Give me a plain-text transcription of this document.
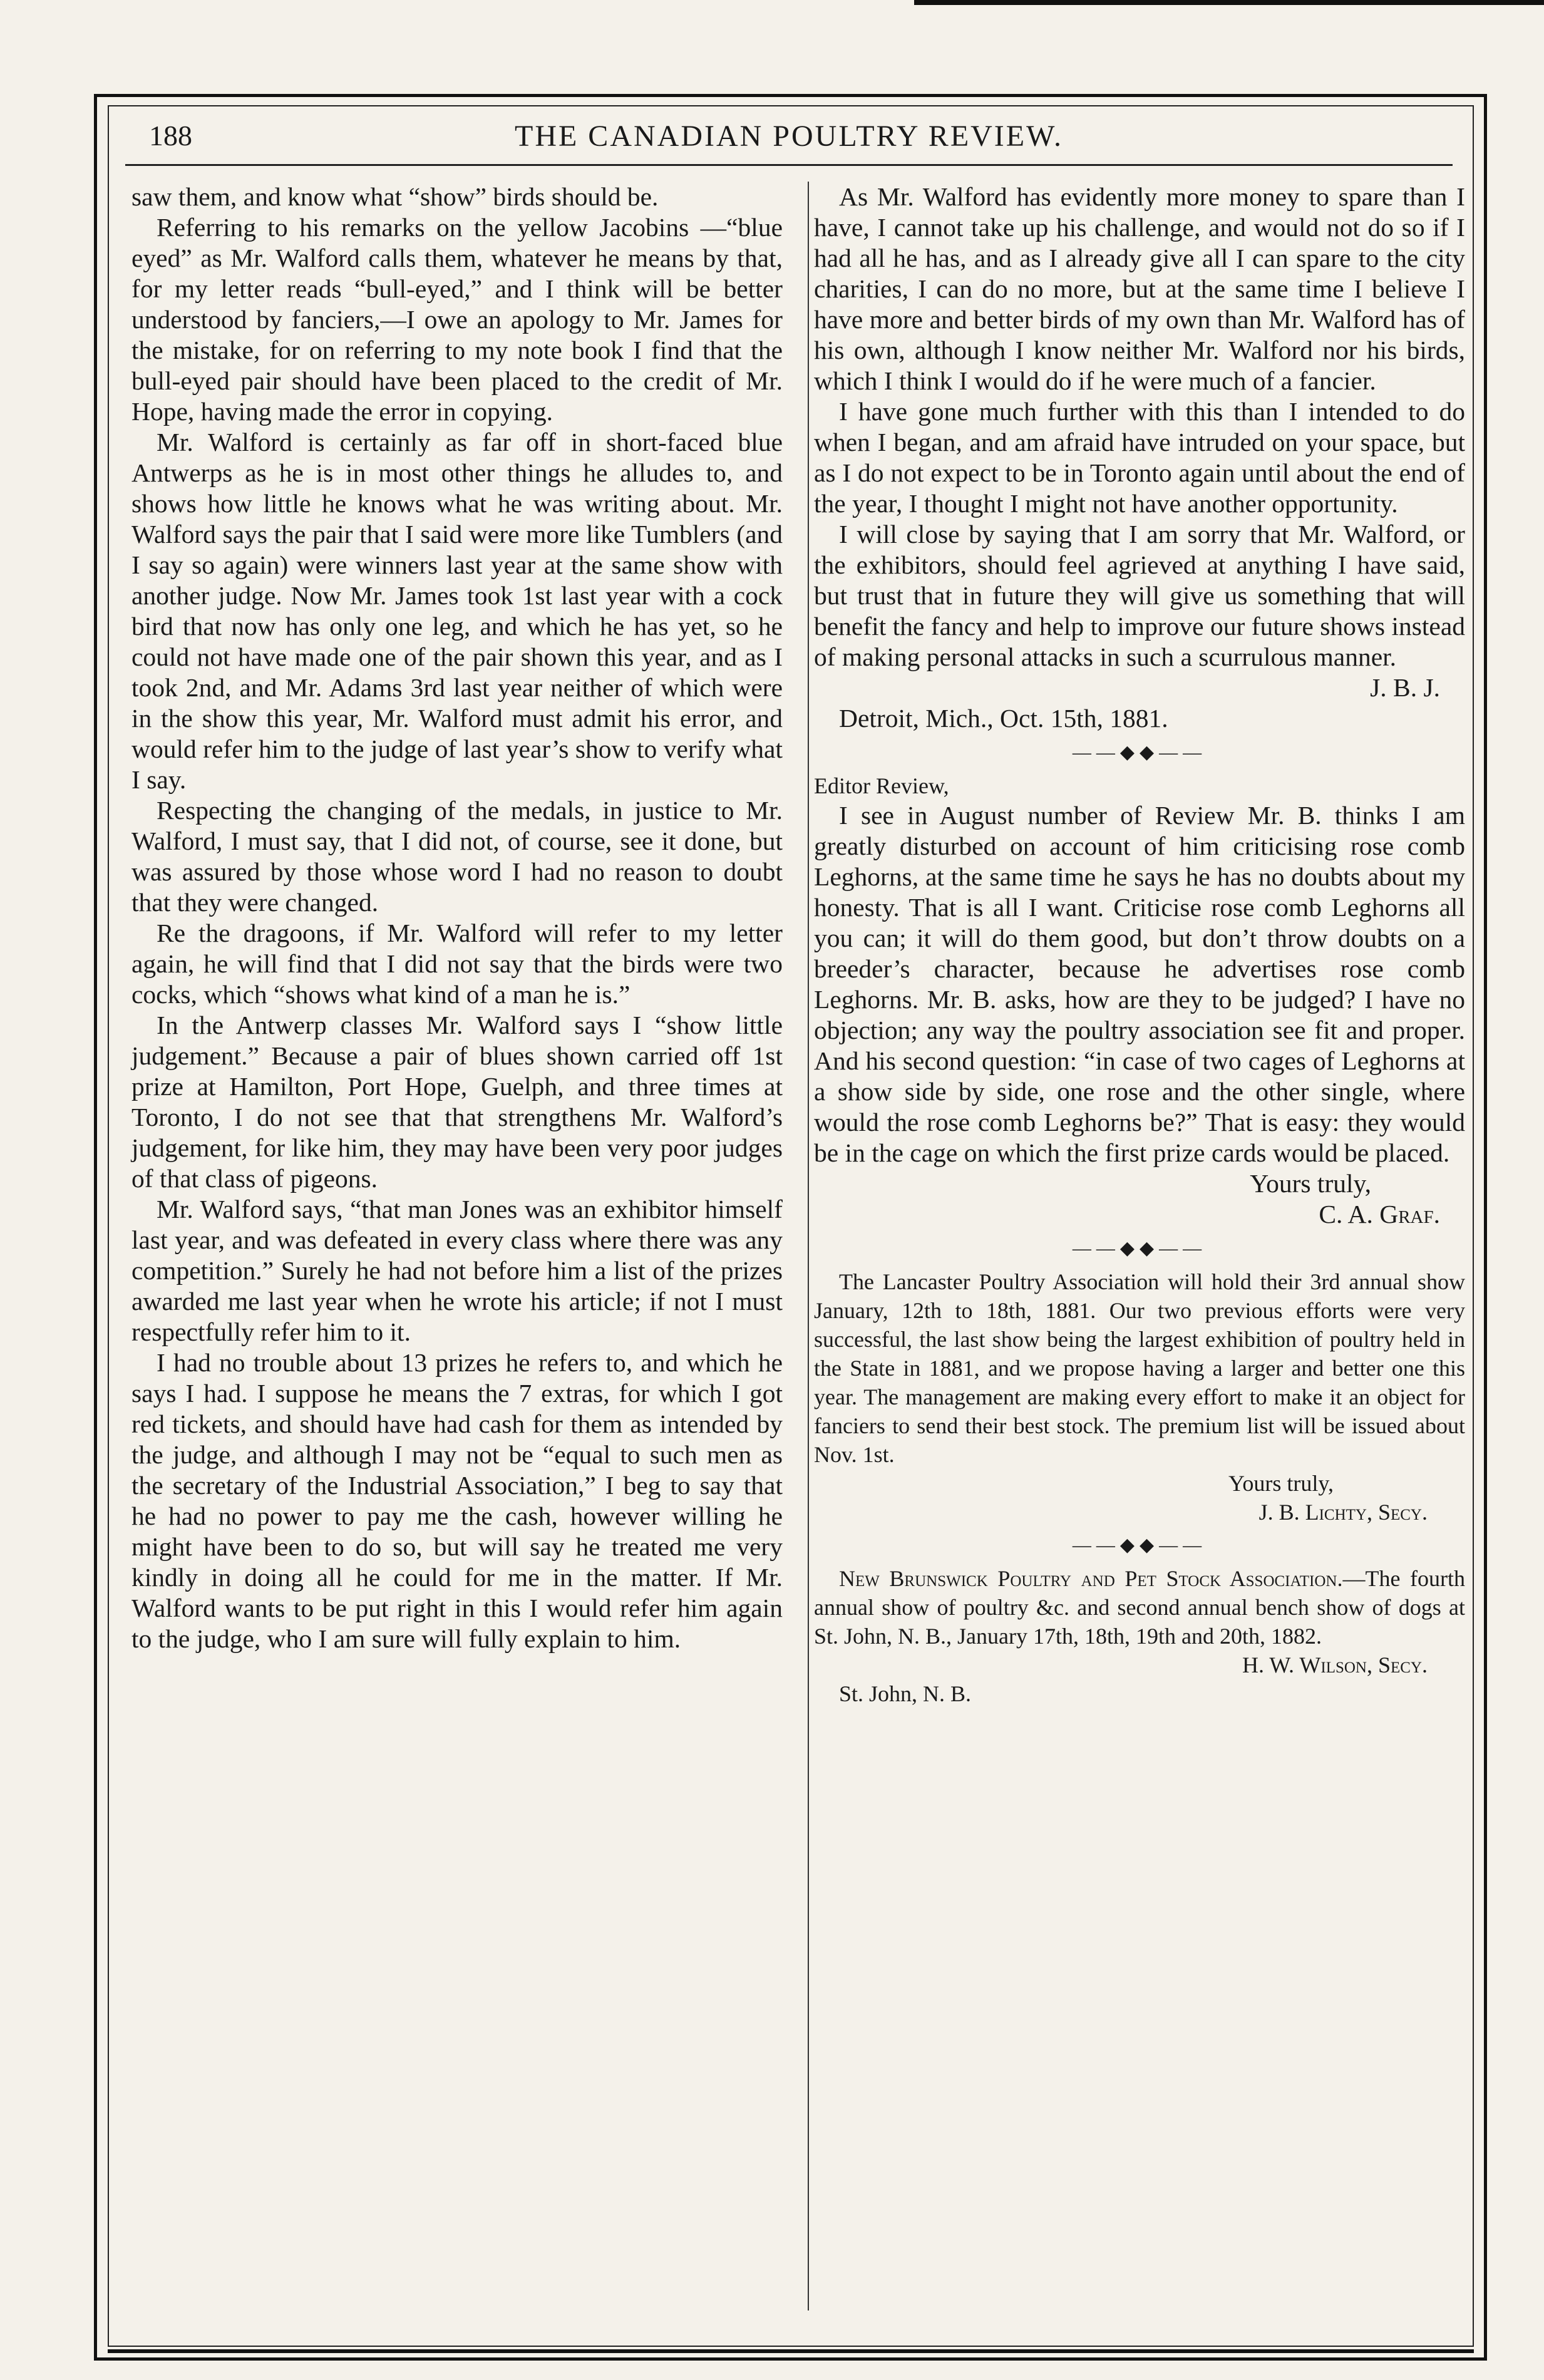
188	THE CANADIAN POULTRY REVIEW.

saw them, and know what “show” birds should be.

Referring to his remarks on the yellow Jacobins —“blue eyed” as Mr. Walford calls them, whatever he means by that, for my letter reads “bull-eyed,” and I think will be better understood by fanciers,—I owe an apology to Mr. James for the mistake, for on referring to my note book I find that the bull-eyed pair should have been placed to the credit of Mr. Hope, having made the error in copying.

Mr. Walford is certainly as far off in short-faced blue Antwerps as he is in most other things he alludes to, and shows how little he knows what he was writing about. Mr. Walford says the pair that I said were more like Tumblers (and I say so again) were winners last year at the same show with another judge. Now Mr. James took 1st last year with a cock bird that now has only one leg, and which he has yet, so he could not have made one of the pair shown this year, and as I took 2nd, and Mr. Adams 3rd last year neither of which were in the show this year, Mr. Walford must admit his error, and would refer him to the judge of last year’s show to verify what I say.

Respecting the changing of the medals, in justice to Mr. Walford, I must say, that I did not, of course, see it done, but was assured by those whose word I had no reason to doubt that they were changed.

Re the dragoons, if Mr. Walford will refer to my letter again, he will find that I did not say that the birds were two cocks, which “shows what kind of a man he is.”

In the Antwerp classes Mr. Walford says I “show little judgement.” Because a pair of blues shown carried off 1st prize at Hamilton, Port Hope, Guelph, and three times at Toronto, I do not see that that strengthens Mr. Walford’s judgement, for like him, they may have been very poor judges of that class of pigeons.

Mr. Walford says, “that man Jones was an exhibitor himself last year, and was defeated in every class where there was any competition.” Surely he had not before him a list of the prizes awarded me last year when he wrote his article; if not I must respectfully refer him to it.

I had no trouble about 13 prizes he refers to, and which he says I had. I suppose he means the 7 extras, for which I got red tickets, and should have had cash for them as intended by the judge, and although I may not be “equal to such men as the secretary of the Industrial Association,” I beg to say that he had no power to pay me the cash, however willing he might have been to do so, but will say he treated me very kindly in doing all he could for me in the matter. If Mr. Walford wants to be put right in this I would refer him again to the judge, who I am sure will fully explain to him.

As Mr. Walford has evidently more money to spare than I have, I cannot take up his challenge, and would not do so if I had all he has, and as I already give all I can spare to the city charities, I can do no more, but at the same time I believe I have more and better birds of my own than Mr. Walford has of his own, although I know neither Mr. Walford nor his birds, which I think I would do if he were much of a fancier.

I have gone much further with this than I intended to do when I began, and am afraid have intruded on your space, but as I do not expect to be in Toronto again until about the end of the year, I thought I might not have another opportunity.

I will close by saying that I am sorry that Mr. Walford, or the exhibitors, should feel agrieved at anything I have said, but trust that in future they will give us something that will benefit the fancy and help to improve our future shows instead of making personal attacks in such a scurrulous manner.

J. B. J.

Detroit, Mich., Oct. 15th, 1881.

——◆◆——
Editor Review,

I see in August number of Review Mr. B. thinks I am greatly disturbed on account of him criticising rose comb Leghorns, at the same time he says he has no doubts about my honesty. That is all I want. Criticise rose comb Leghorns all you can; it will do them good, but don’t throw doubts on a breeder’s character, because he advertises rose comb Leghorns. Mr. B. asks, how are they to be judged? I have no objection; any way the poultry association see fit and proper. And his second question: “in case of two cages of Leghorns at a show side by side, one rose and the other single, where would the rose comb Leghorns be?” That is easy: they would be in the cage on which the first prize cards would be placed.

Yours truly,
C. A. Graf.
——◆◆——

The Lancaster Poultry Association will hold their 3rd annual show January, 12th to 18th, 1881. Our two previous efforts were very successful, the last show being the largest exhibition of poultry held in the State in 1881, and we propose having a larger and better one this year. The management are making every effort to make it an object for fanciers to send their best stock. The premium list will be issued about Nov. 1st.

Yours truly,
J. B. Lichty, Secy.
——◆◆——

New Brunswick Poultry and Pet Stock Association.—The fourth annual show of poultry &c. and second annual bench show of dogs at St. John, N. B., January 17th, 18th, 19th and 20th, 1882.

H. W. Wilson, Secy.

St. John, N. B.
